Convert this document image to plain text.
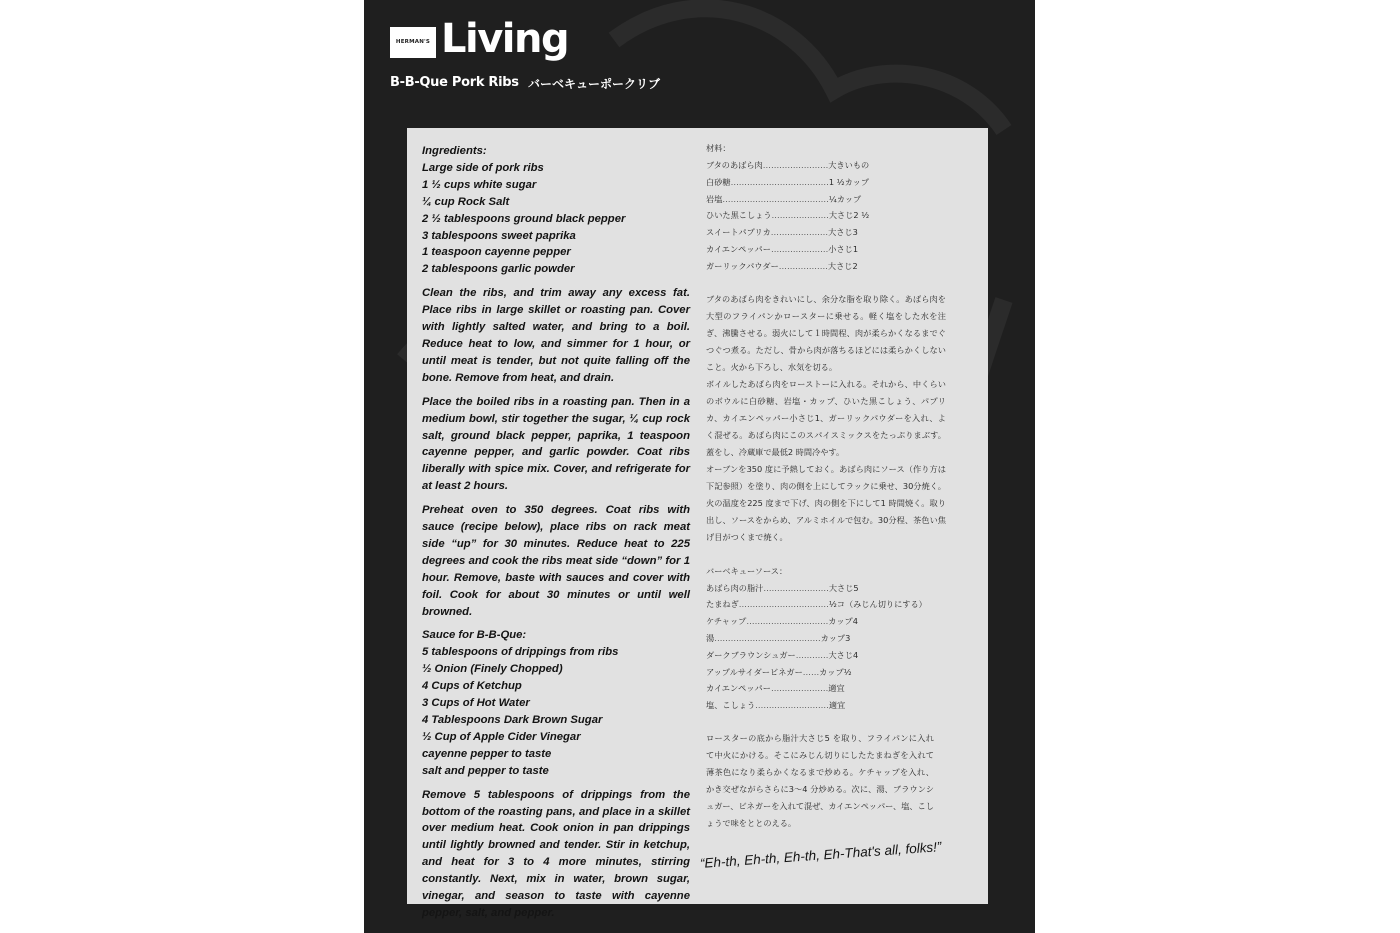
HERMAN'S Living
B-B-Que Pork Ribs バーベキューポークリブ
Ingredients:
Large side of pork ribs
1 ½ cups white sugar
¼ cup Rock Salt
2 ½ tablespoons ground black pepper
3 tablespoons sweet paprika
1 teaspoon cayenne pepper
2 tablespoons garlic powder

Clean the ribs, and trim away any excess fat. Place ribs in large skillet or roasting pan. Cover with lightly salted water, and bring to a boil. Reduce heat to low, and simmer for 1 hour, or until meat is tender, but not quite falling off the bone. Remove from heat, and drain.

Place the boiled ribs in a roasting pan. Then in a medium bowl, stir together the sugar, ¼ cup rock salt, ground black pepper, paprika, 1 teaspoon cayenne pepper, and garlic powder. Coat ribs liberally with spice mix. Cover, and refrigerate for at least 2 hours.

Preheat oven to 350 degrees. Coat ribs with sauce (recipe below), place ribs on rack meat side “up” for 30 minutes. Reduce heat to 225 degrees and cook the ribs meat side “down” for 1 hour. Remove, baste with sauces and cover with foil. Cook for about 30 minutes or until well browned.

Sauce for B-B-Que:
5 tablespoons of drippings from ribs
½ Onion (Finely Chopped)
4 Cups of Ketchup
3 Cups of Hot Water
4 Tablespoons Dark Brown Sugar
½ Cup of Apple Cider Vinegar
cayenne pepper to taste
salt and pepper to taste

Remove 5 tablespoons of drippings from the bottom of the roasting pans, and place in a skillet over medium heat. Cook onion in pan drippings until lightly browned and tender. Stir in ketchup, and heat for 3 to 4 more minutes, stirring constantly. Next, mix in water, brown sugar, vinegar, and season to taste with cayenne pepper, salt, and pepper.

材料：
ブタのあばら肉……………………大きいもの
白砂糖………………………………1 ½カップ
岩塩…………………………………¼カップ
ひいた黒こしょう…………………大さじ2 ½
スイートパプリカ…………………大さじ3
カイエンペッパー…………………小さじ1
ガーリックパウダー………………大さじ2

ブタのあばら肉をきれいにし、余分な脂を取り除く。あばら肉を大型のフライパンかロースターに乗せる。軽く塩をした水を注ぎ、沸騰させる。弱火にして１時間程、肉が柔らかくなるまでぐつぐつ煮る。ただし、骨から肉が落ちるほどには柔らかくしないこと。火から下ろし、水気を切る。

ボイルしたあばら肉をローストーに入れる。それから、中くらいのボウルに白砂糖、岩塩・カップ、ひいた黒こしょう、パプリカ、カイエンペッパー小さじ1、ガーリックパウダーを入れ、よく混ぜる。あばら肉にこのスパイスミックスをたっぷりまぶす。蓋をし、冷蔵庫で最低2 時間冷やす。

オーブンを350 度に予熱しておく。あばら肉にソース（作り方は下記参照）を塗り、肉の側を上にしてラックに乗せ、30分焼く。火の温度を225 度まで下げ、肉の側を下にして1 時間焼く。取り出し、ソースをからめ、アルミホイルで包む。30分程、茶色い焦げ目がつくまで焼く。

バーベキューソース：
あばら肉の脂汁……………………大さじ5
たまねぎ……………………………½コ（みじん切りにする）
ケチャップ…………………………カップ4
湯…………………………………カップ3
ダークブラウンシュガー…………大さじ4
アップルサイダービネガー……カップ½
カイエンペッパー…………………適宜
塩、こしょう………………………適宜

ロースターの底から脂汁大さじ5 を取り、フライパンに入れて中火にかける。そこにみじん切りにしたたまねぎを入れて薄茶色になり柔らかくなるまで炒める。ケチャップを入れ、かき交ぜながらさらに3〜4 分炒める。次に、湯、ブラウンシュガー、ビネガーを入れて混ぜ、カイエンペッパー、塩、こしょうで味をととのえる。

“Eh-th, Eh-th, Eh-th, Eh-That's all, folks!”
